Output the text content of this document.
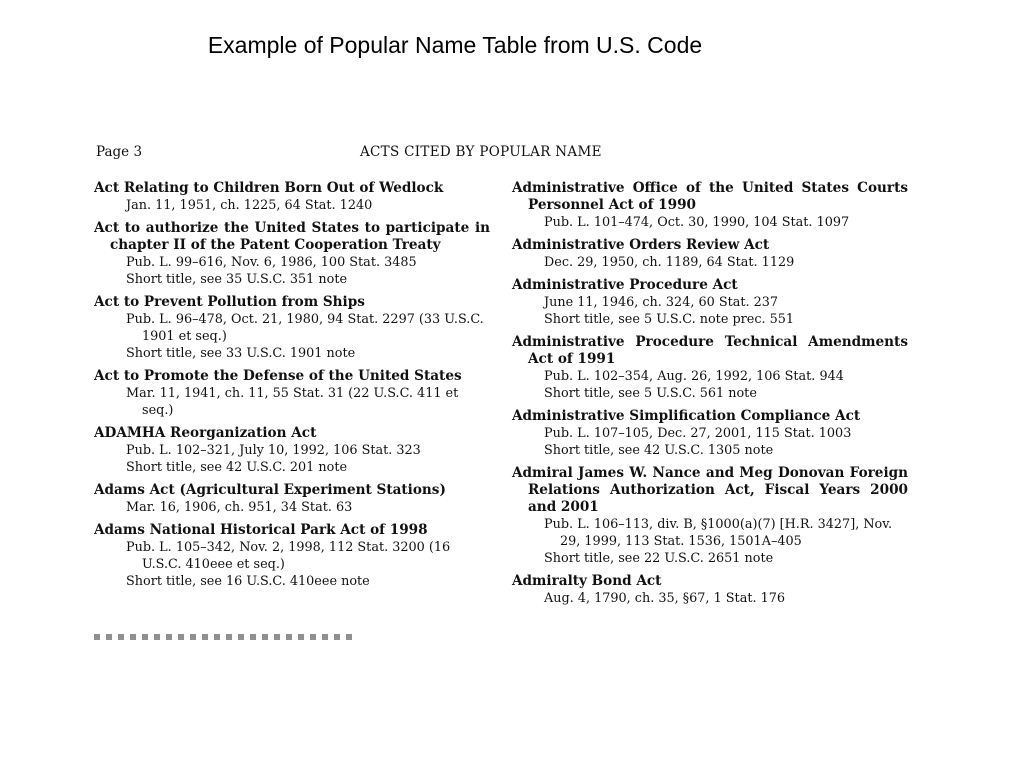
Example of Popular Name Table from U.S. Code
Page 3	ACTS CITED BY POPULAR NAME
Act Relating to Children Born Out of Wedlock
Jan. 11, 1951, ch. 1225, 64 Stat. 1240
Act to authorize the United States to participate in chapter II of the Patent Cooperation Treaty
Pub. L. 99–616, Nov. 6, 1986, 100 Stat. 3485
Short title, see 35 U.S.C. 351 note
Act to Prevent Pollution from Ships
Pub. L. 96–478, Oct. 21, 1980, 94 Stat. 2297 (33 U.S.C. 1901 et seq.)
Short title, see 33 U.S.C. 1901 note
Act to Promote the Defense of the United States
Mar. 11, 1941, ch. 11, 55 Stat. 31 (22 U.S.C. 411 et seq.)
ADAMHA Reorganization Act
Pub. L. 102–321, July 10, 1992, 106 Stat. 323
Short title, see 42 U.S.C. 201 note
Adams Act (Agricultural Experiment Stations)
Mar. 16, 1906, ch. 951, 34 Stat. 63
Adams National Historical Park Act of 1998
Pub. L. 105–342, Nov. 2, 1998, 112 Stat. 3200 (16 U.S.C. 410eee et seq.)
Short title, see 16 U.S.C. 410eee note
Administrative Office of the United States Courts Personnel Act of 1990
Pub. L. 101–474, Oct. 30, 1990, 104 Stat. 1097
Administrative Orders Review Act
Dec. 29, 1950, ch. 1189, 64 Stat. 1129
Administrative Procedure Act
June 11, 1946, ch. 324, 60 Stat. 237
Short title, see 5 U.S.C. note prec. 551
Administrative Procedure Technical Amendments Act of 1991
Pub. L. 102–354, Aug. 26, 1992, 106 Stat. 944
Short title, see 5 U.S.C. 561 note
Administrative Simplification Compliance Act
Pub. L. 107–105, Dec. 27, 2001, 115 Stat. 1003
Short title, see 42 U.S.C. 1305 note
Admiral James W. Nance and Meg Donovan Foreign Relations Authorization Act, Fiscal Years 2000 and 2001
Pub. L. 106–113, div. B, §1000(a)(7) [H.R. 3427], Nov. 29, 1999, 113 Stat. 1536, 1501A–405
Short title, see 22 U.S.C. 2651 note
Admiralty Bond Act
Aug. 4, 1790, ch. 35, §67, 1 Stat. 176
